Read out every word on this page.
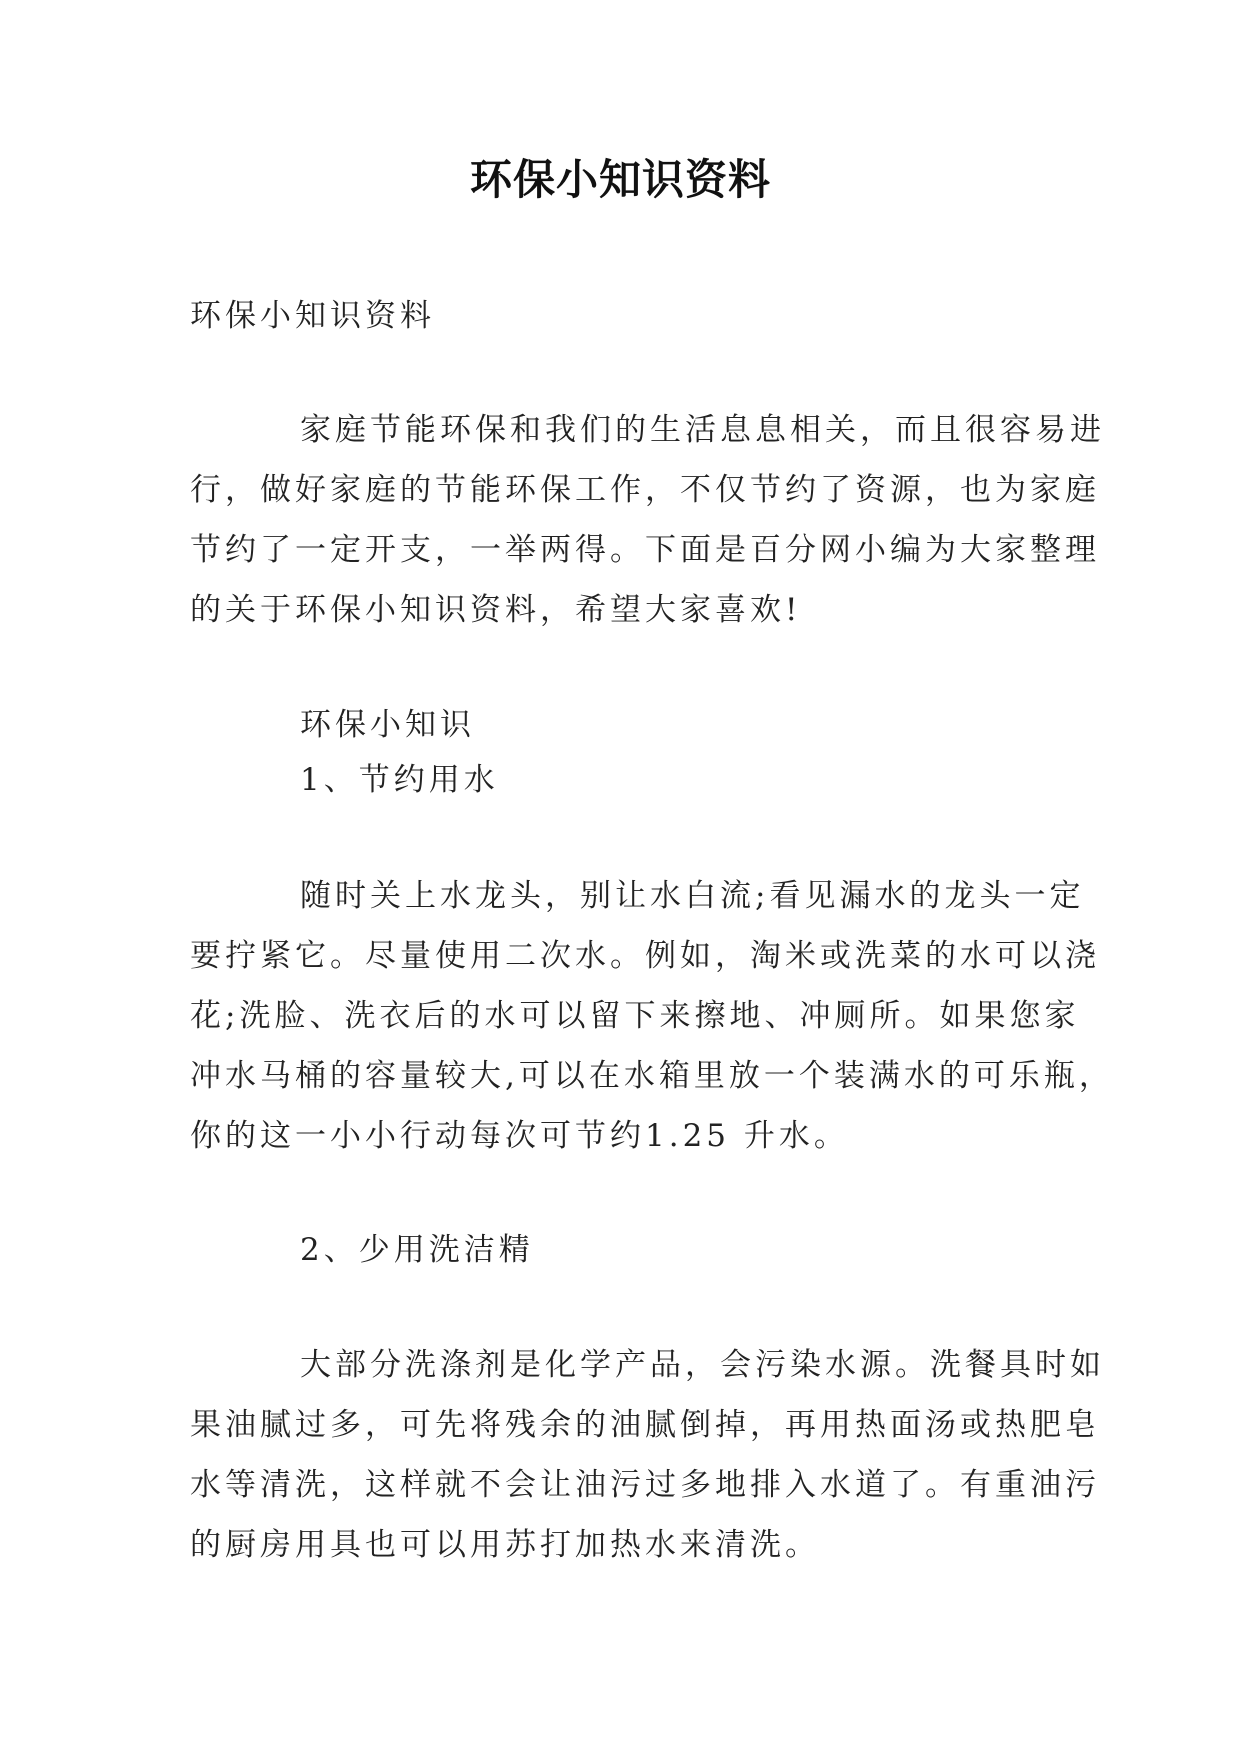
环保小知识资料
环保小知识资料
家庭节能环保和我们的生活息息相关，而且很容易进
行，做好家庭的节能环保工作，不仅节约了资源，也为家庭
节约了一定开支，一举两得。下面是百分网小编为大家整理
的关于环保小知识资料，希望大家喜欢!
环保小知识
1、节约用水
随时关上水龙头，别让水白流;看见漏水的龙头一定
要拧紧它。尽量使用二次水。例如，淘米或洗菜的水可以浇
花;洗脸、洗衣后的水可以留下来擦地、冲厕所。如果您家
冲水马桶的容量较大,可以在水箱里放一个装满水的可乐瓶，
你的这一小小行动每次可节约1.25 升水。
2、少用洗洁精
大部分洗涤剂是化学产品，会污染水源。洗餐具时如
果油腻过多，可先将残余的油腻倒掉，再用热面汤或热肥皂
水等清洗，这样就不会让油污过多地排入水道了。有重油污
的厨房用具也可以用苏打加热水来清洗。
